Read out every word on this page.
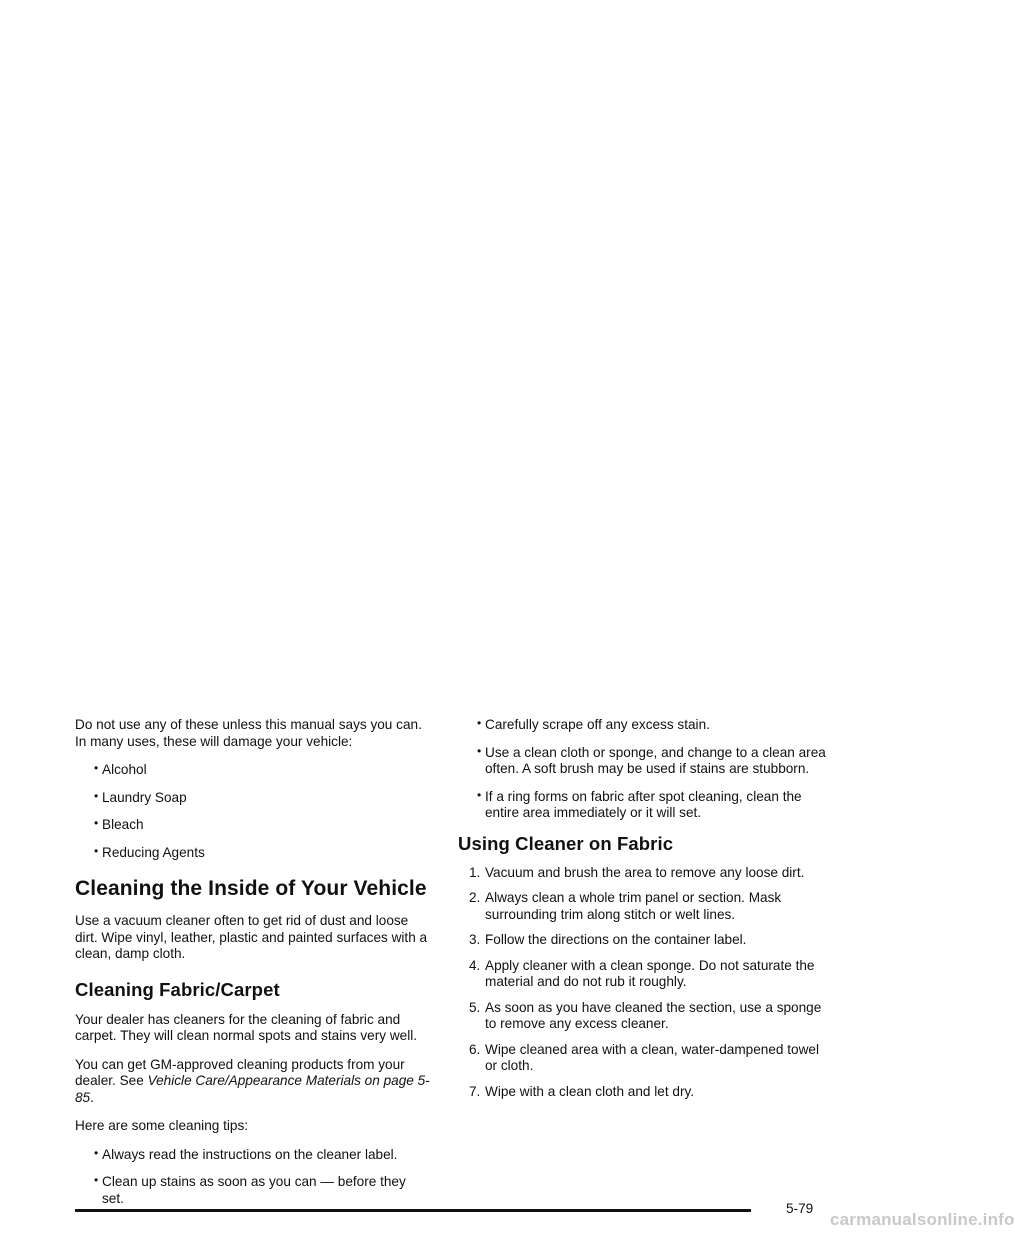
Do not use any of these unless this manual says you can. In many uses, these will damage your vehicle:

• Alcohol
• Laundry Soap
• Bleach
• Reducing Agents
Cleaning the Inside of Your Vehicle

Use a vacuum cleaner often to get rid of dust and loose dirt. Wipe vinyl, leather, plastic and painted surfaces with a clean, damp cloth.

Cleaning Fabric/Carpet

Your dealer has cleaners for the cleaning of fabric and carpet. They will clean normal spots and stains very well.

You can get GM-approved cleaning products from your dealer. See Vehicle Care/Appearance Materials on page 5-85.

Here are some cleaning tips:

• Always read the instructions on the cleaner label.
• Clean up stains as soon as you can — before they set.
• Carefully scrape off any excess stain.
• Use a clean cloth or sponge, and change to a clean area often. A soft brush may be used if stains are stubborn.
• If a ring forms on fabric after spot cleaning, clean the entire area immediately or it will set.
Using Cleaner on Fabric
1. Vacuum and brush the area to remove any loose dirt.
2. Always clean a whole trim panel or section. Mask surrounding trim along stitch or welt lines.
3. Follow the directions on the container label.
4. Apply cleaner with a clean sponge. Do not saturate the material and do not rub it roughly.
5. As soon as you have cleaned the section, use a sponge to remove any excess cleaner.
6. Wipe cleaned area with a clean, water-dampened towel or cloth.
7. Wipe with a clean cloth and let dry.
5-79
carmanualsonline.info
